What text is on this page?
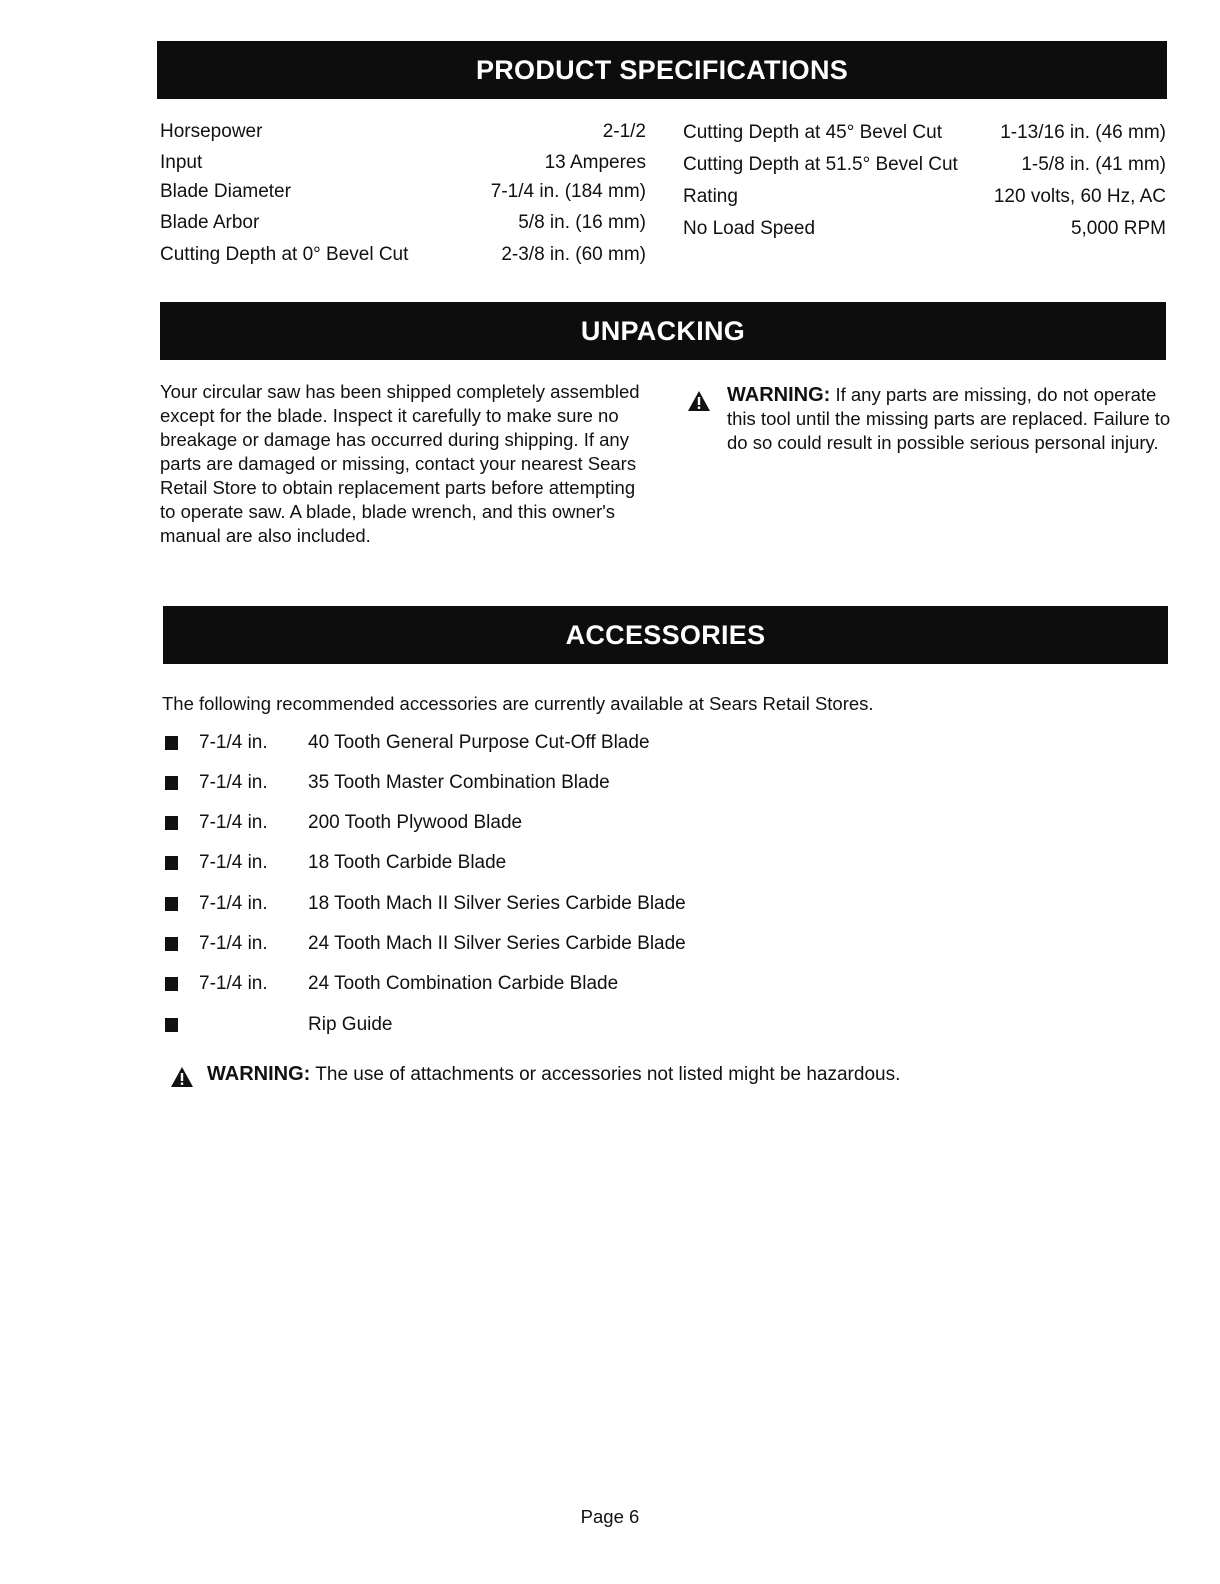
PRODUCT SPECIFICATIONS
Horsepower	2-1/2
Input	13 Amperes
Blade Diameter	7-1/4 in. (184 mm)
Blade Arbor	5/8 in. (16 mm)
Cutting Depth at 0° Bevel Cut	2-3/8 in. (60 mm)
Cutting Depth at 45° Bevel Cut	1-13/16 in. (46 mm)
Cutting Depth at 51.5° Bevel Cut	1-5/8 in. (41 mm)
Rating	120 volts, 60 Hz, AC
No Load Speed	5,000 RPM
UNPACKING
Your circular saw has been shipped completely assembled except for the blade. Inspect it carefully to make sure no breakage or damage has occurred during shipping. If any parts are damaged or missing, contact your nearest Sears Retail Store to obtain replacement parts before attempting to operate saw. A blade, blade wrench, and this owner's manual are also included.
WARNING: If any parts are missing, do not operate this tool until the missing parts are replaced. Failure to do so could result in possible serious personal injury.
ACCESSORIES
The following recommended accessories are currently available at Sears Retail Stores.
7-1/4 in. 40 Tooth General Purpose Cut-Off Blade
7-1/4 in. 35 Tooth Master Combination Blade
7-1/4 in. 200 Tooth Plywood Blade
7-1/4 in. 18 Tooth Carbide Blade
7-1/4 in. 18 Tooth Mach II Silver Series Carbide Blade
7-1/4 in. 24 Tooth Mach II Silver Series Carbide Blade
7-1/4 in. 24 Tooth Combination Carbide Blade
Rip Guide
WARNING: The use of attachments or accessories not listed might be hazardous.
Page 6
